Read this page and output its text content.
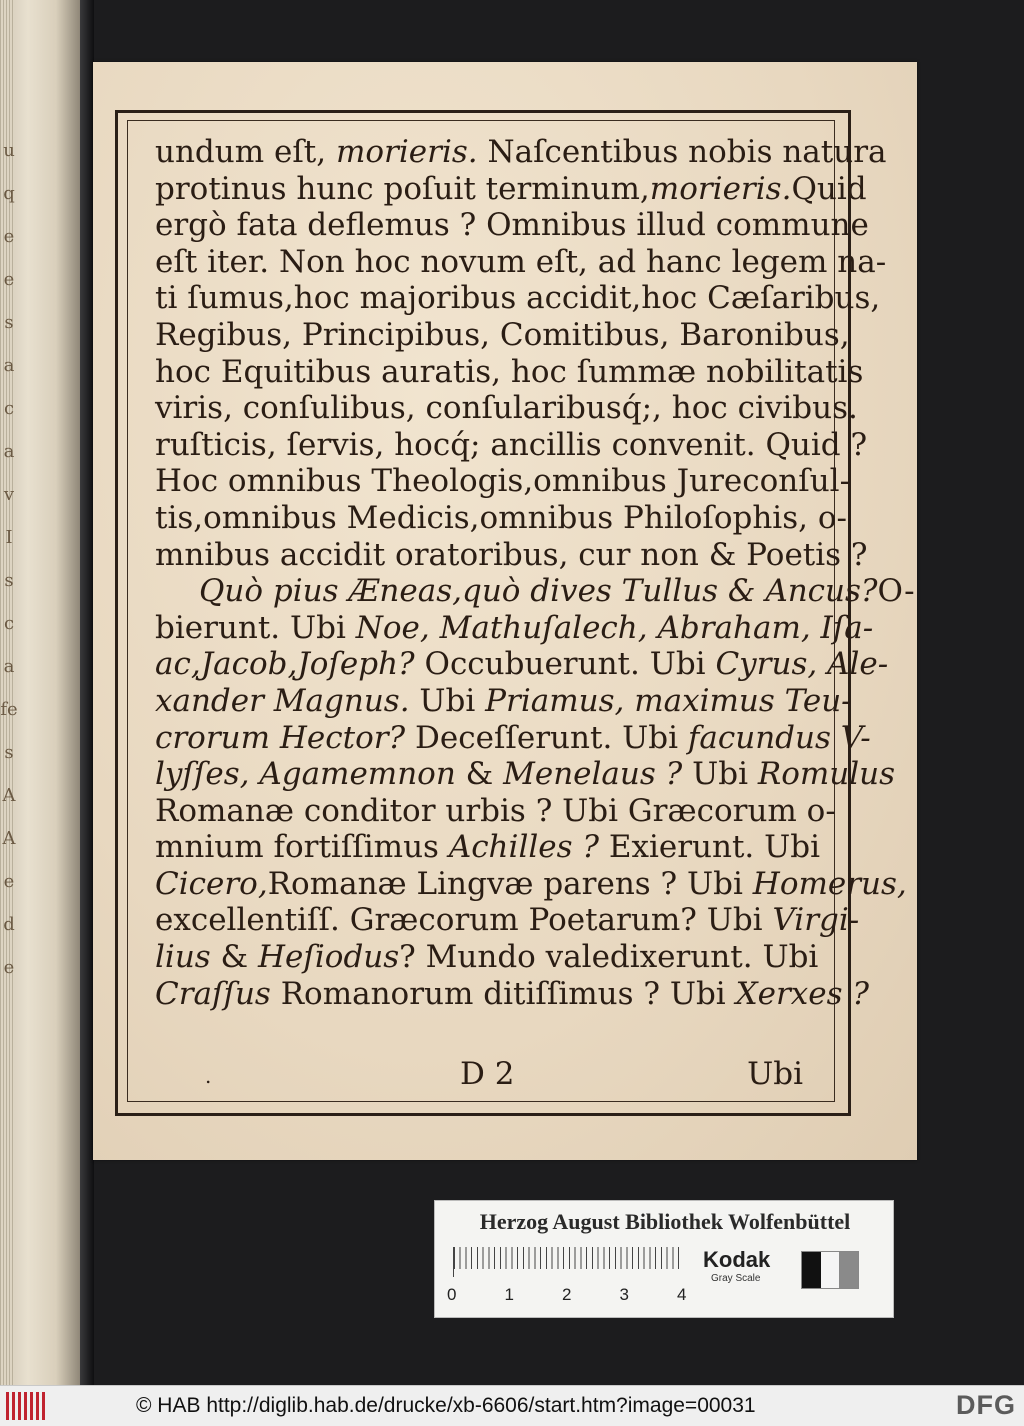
u
q
e
e
s
a
c
a
v
I
s
c
a
fe
s
A
A
e
d
e
undum eſt, morieris. Naſcentibus nobis natura
protinus hunc poſuit terminum,morieris.Quid
ergò fata deflemus ? Omnibus illud commune
eſt iter. Non hoc novum eſt, ad hanc legem na-
ti ſumus,hoc majoribus accidit,hoc Cæſaribus,
Regibus, Principibus, Comitibus, Baronibus,
hoc Equitibus auratis, hoc ſummæ nobilitatis
viris, conſulibus, conſularibusq́;, hoc civibus.
ruſticis, ſervis, hocq́; ancillis convenit. Quid ?
Hoc omnibus Theologis,omnibus Jureconſul-
tis,omnibus Medicis,omnibus Philoſophis, o-
mnibus accidit oratoribus, cur non & Poetis ?
Quò pius Æneas,quò dives Tullus & Ancus?O-
bierunt. Ubi Noe, Mathuſalech, Abraham, Iſa-
ac,Jacob,Joſeph? Occubuerunt. Ubi Cyrus, Ale-
xander Magnus. Ubi Priamus, maximus Teu-
crorum Hector? Deceſſerunt. Ubi facundus V-
lyſſes, Agamemnon & Menelaus ? Ubi Romulus
Romanæ conditor urbis ? Ubi Græcorum o-
mnium fortiſſimus Achilles ? Exierunt. Ubi
Cicero,Romanæ Lingvæ parens ? Ubi Homerus,
excellentiſſ. Græcorum Poetarum? Ubi Virgi-
lius & Heſiodus? Mundo valedixerunt. Ubi
Craſſus Romanorum ditiſſimus ? Ubi Xerxes ?
.	D 2	Ubi
Herzog August Bibliothek Wolfenbüttel
0	1	2	3	4
Kodak
Gray Scale
© HAB http://diglib.hab.de/drucke/xb-6606/start.htm?image=00031	DFG
